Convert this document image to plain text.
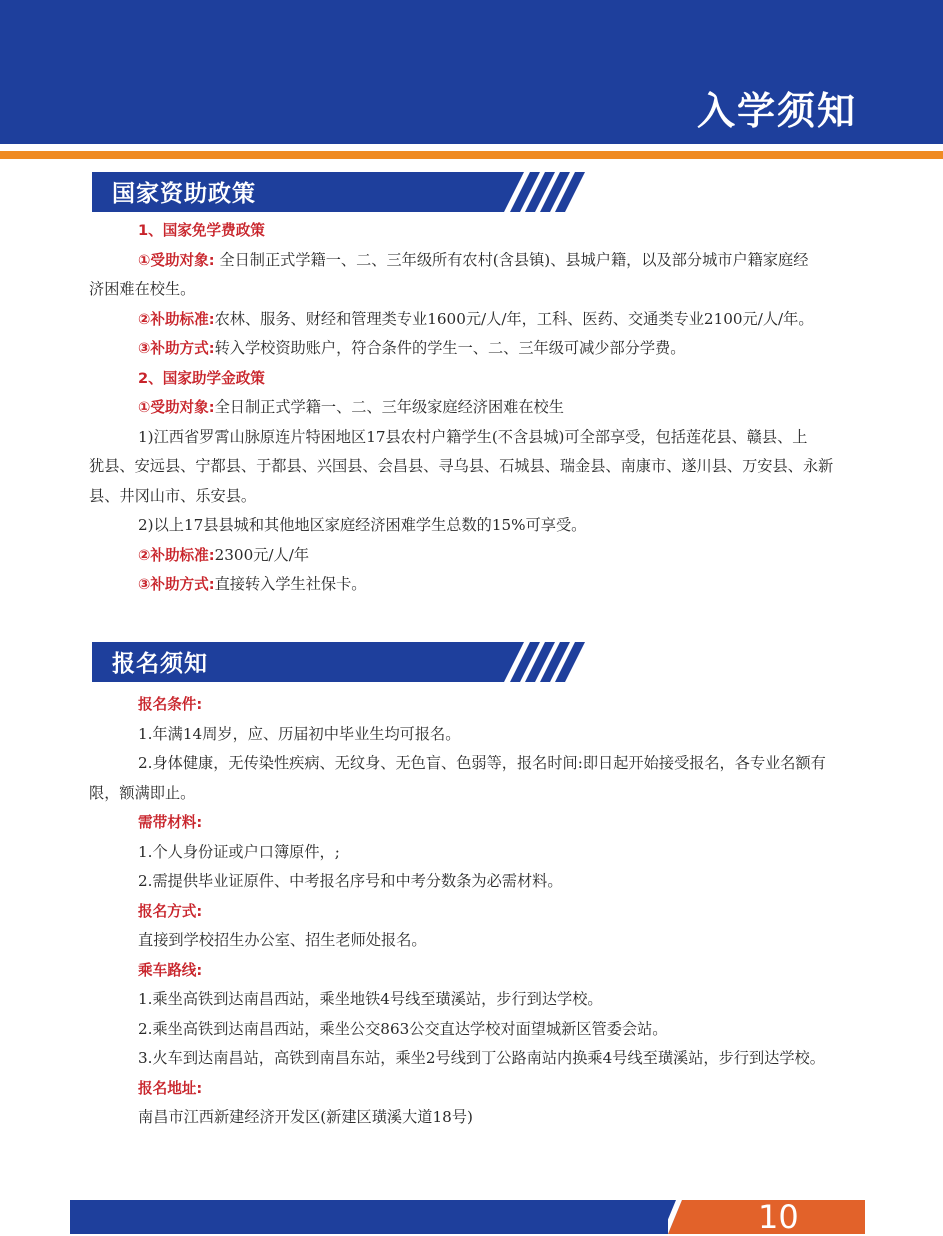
入学须知
国家资助政策
1、国家免学费政策
①受助对象: 全日制正式学籍一、二、三年级所有农村(含县镇)、县城户籍，以及部分城市户籍家庭经
济困难在校生。
②补助标准:农林、服务、财经和管理类专业1600元/人/年，工科、医药、交通类专业2100元/人/年。
③补助方式:转入学校资助账户，符合条件的学生一、二、三年级可减少部分学费。
2、国家助学金政策
①受助对象:全日制正式学籍一、二、三年级家庭经济困难在校生
1)江西省罗霄山脉原连片特困地区17县农村户籍学生(不含县城)可全部享受，包括莲花县、赣县、上
犹县、安远县、宁都县、于都县、兴国县、会昌县、寻乌县、石城县、瑞金县、南康市、遂川县、万安县、永新
县、井冈山市、乐安县。
2)以上17县县城和其他地区家庭经济困难学生总数的15%可享受。
②补助标准:2300元/人/年
③补助方式:直接转入学生社保卡。
报名须知
报名条件:
1.年满14周岁，应、历届初中毕业生均可报名。
2.身体健康，无传染性疾病、无纹身、无色盲、色弱等，报名时间:即日起开始接受报名，各专业名额有
限，额满即止。
需带材料:
1.个人身份证或户口簿原件，;
2.需提供毕业证原件、中考报名序号和中考分数条为必需材料。
报名方式:
直接到学校招生办公室、招生老师处报名。
乘车路线:
1.乘坐高铁到达南昌西站，乘坐地铁4号线至璜溪站，步行到达学校。
2.乘坐高铁到达南昌西站，乘坐公交863公交直达学校对面望城新区管委会站。
3.火车到达南昌站，高铁到南昌东站，乘坐2号线到丁公路南站内换乘4号线至璜溪站，步行到达学校。
报名地址:
南昌市江西新建经济开发区(新建区璜溪大道18号)
10
